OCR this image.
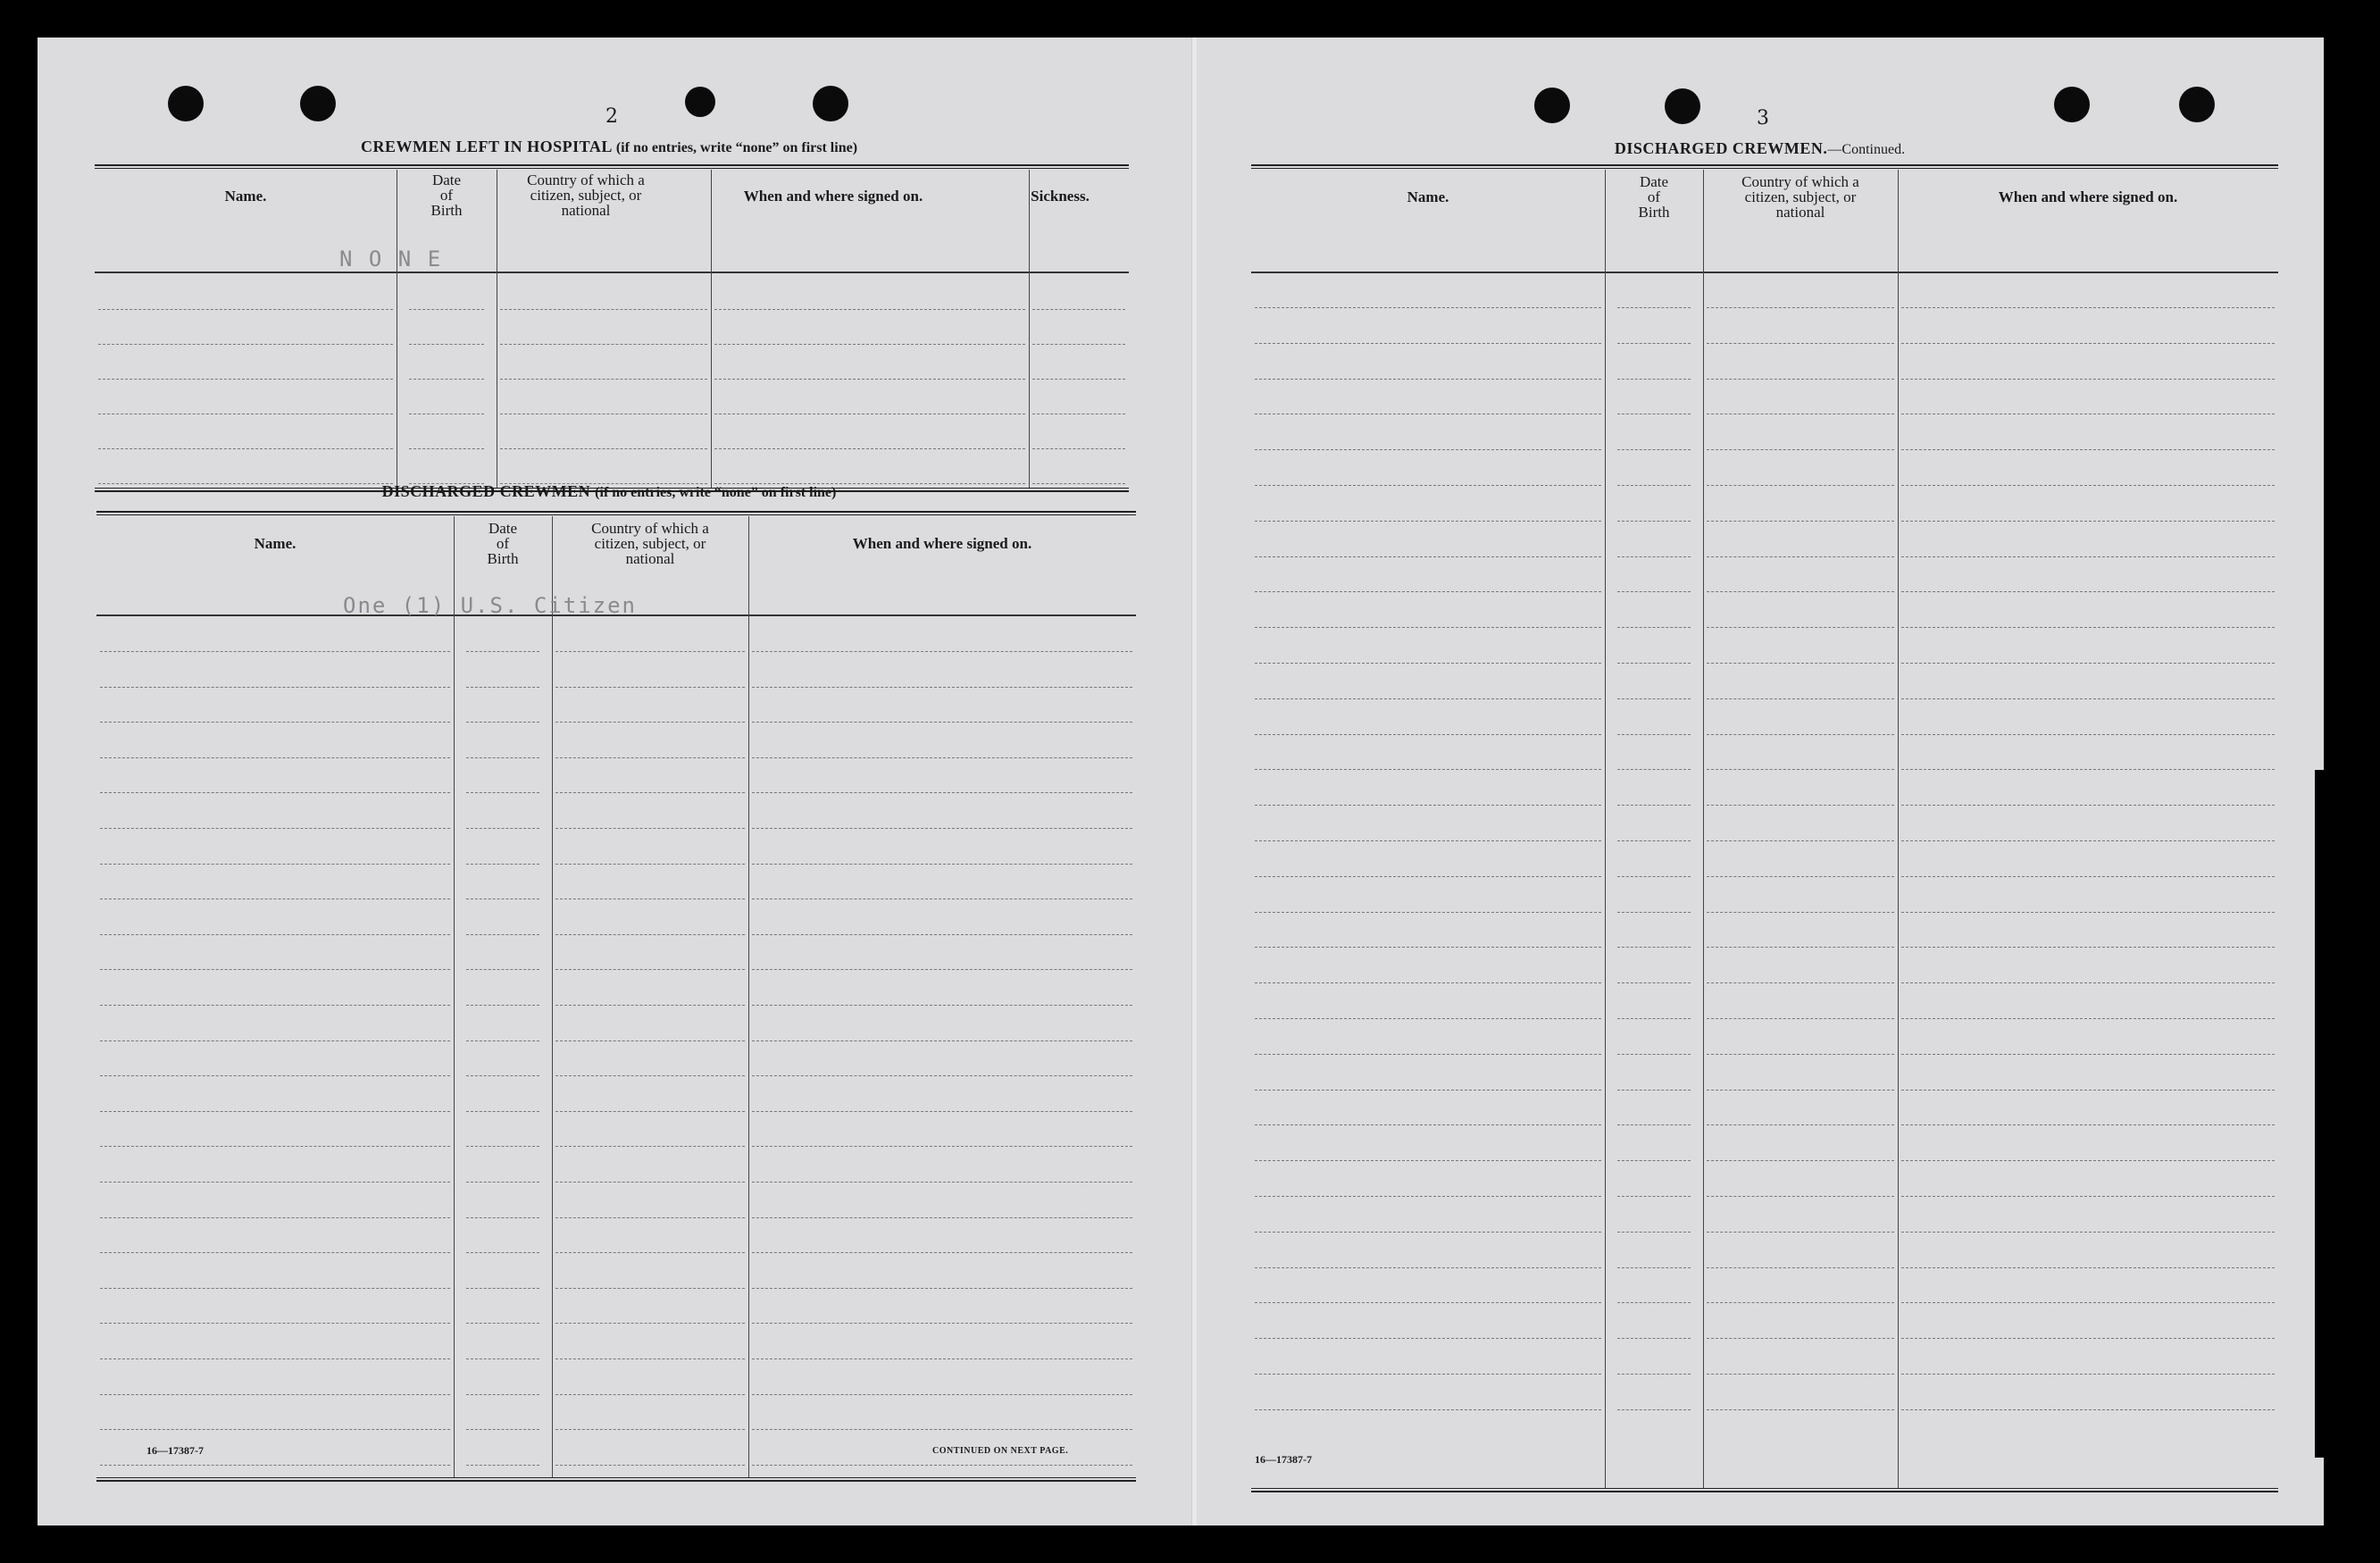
2
CREWMEN LEFT IN HOSPITAL (if no entries, write “none” on first line)
Name.
Date
of
Birth
Country of which a
citizen, subject, or
national
When and where signed on.	Sickness.
N O N E
DISCHARGED CREWMEN (if no entries, write “none” on first line)
Name.
Date
of
Birth
Country of which a
citizen, subject, or
national
When and where signed on.
One (1) U.S. Citizen
16—17387-7	CONTINUED ON NEXT PAGE.
3
DISCHARGED CREWMEN.—Continued.
Name.
Date
of
Birth
Country of which a
citizen, subject, or
national
When and where signed on.
16—17387-7
